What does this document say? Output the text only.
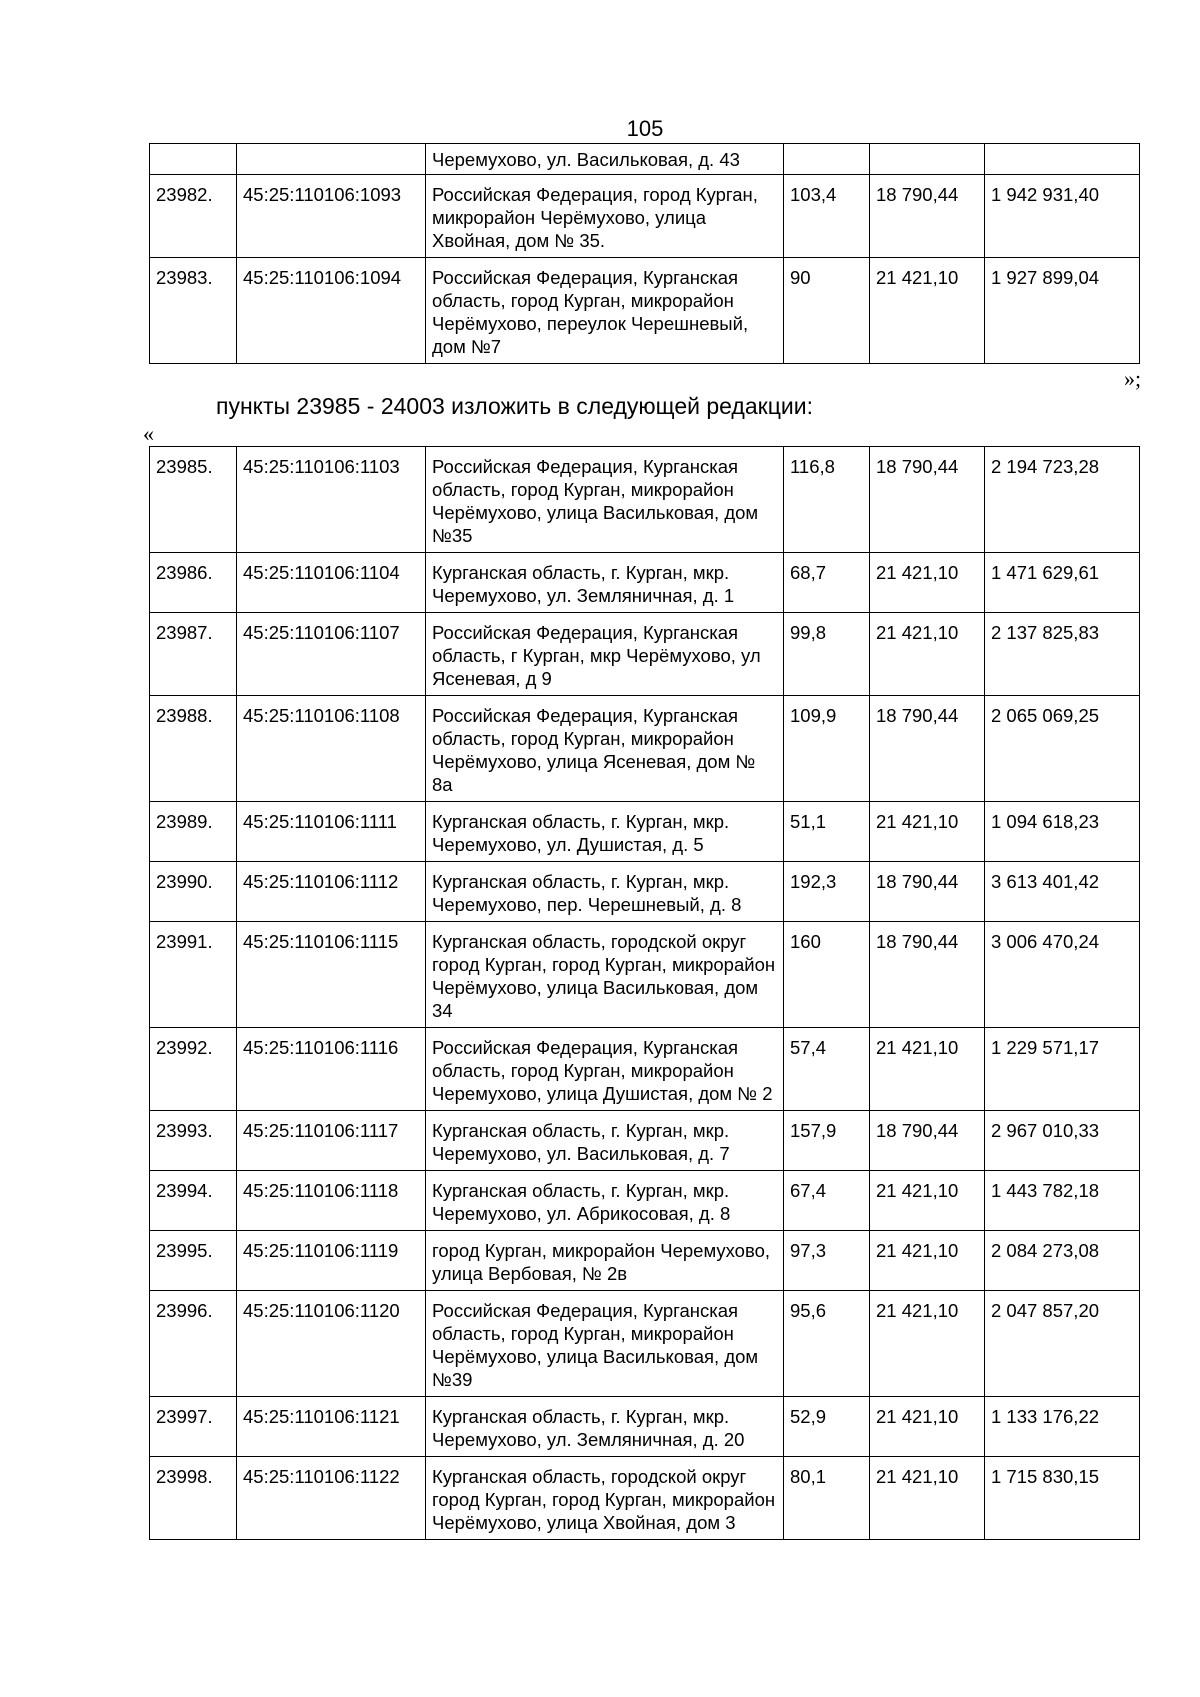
105
		Черемухово, ул. Васильковая, д. 43			
23982.	45:25:110106:1093	Российская Федерация, город Курган, микрорайон Черёмухово, улица Хвойная, дом № 35.	103,4	18 790,44	1 942 931,40
23983.	45:25:110106:1094	Российская Федерация, Курганская область, город Курган, микрорайон Черёмухово, переулок Черешневый, дом №7	90	21 421,10	1 927 899,04
»;
пункты 23985 - 24003 изложить в следующей редакции:
«
23985.	45:25:110106:1103	Российская Федерация, Курганская область, город Курган, микрорайон Черёмухово, улица Васильковая, дом №35	116,8	18 790,44	2 194 723,28
23986.	45:25:110106:1104	Курганская область, г. Курган, мкр. Черемухово, ул. Земляничная, д. 1	68,7	21 421,10	1 471 629,61
23987.	45:25:110106:1107	Российская Федерация, Курганская область, г Курган, мкр Черёмухово, ул Ясеневая, д 9	99,8	21 421,10	2 137 825,83
23988.	45:25:110106:1108	Российская Федерация, Курганская область, город Курган, микрорайон Черёмухово, улица Ясеневая, дом № 8а	109,9	18 790,44	2 065 069,25
23989.	45:25:110106:1111	Курганская область, г. Курган, мкр. Черемухово, ул. Душистая, д. 5	51,1	21 421,10	1 094 618,23
23990.	45:25:110106:1112	Курганская область, г. Курган, мкр. Черемухово, пер. Черешневый, д. 8	192,3	18 790,44	3 613 401,42
23991.	45:25:110106:1115	Курганская область, городской округ город Курган, город Курган, микрорайон Черёмухово, улица Васильковая, дом 34	160	18 790,44	3 006 470,24
23992.	45:25:110106:1116	Российская Федерация, Курганская область, город Курган, микрорайон Черемухово, улица Душистая, дом № 2	57,4	21 421,10	1 229 571,17
23993.	45:25:110106:1117	Курганская область, г. Курган, мкр. Черемухово, ул. Васильковая, д. 7	157,9	18 790,44	2 967 010,33
23994.	45:25:110106:1118	Курганская область, г. Курган, мкр. Черемухово, ул. Абрикосовая, д. 8	67,4	21 421,10	1 443 782,18
23995.	45:25:110106:1119	город Курган, микрорайон Черемухово, улица Вербовая, № 2в	97,3	21 421,10	2 084 273,08
23996.	45:25:110106:1120	Российская Федерация, Курганская область, город Курган, микрорайон Черёмухово, улица Васильковая, дом №39	95,6	21 421,10	2 047 857,20
23997.	45:25:110106:1121	Курганская область, г. Курган, мкр. Черемухово, ул. Земляничная, д. 20	52,9	21 421,10	1 133 176,22
23998.	45:25:110106:1122	Курганская область, городской округ город Курган, город Курган, микрорайон Черёмухово, улица Хвойная, дом 3	80,1	21 421,10	1 715 830,15
